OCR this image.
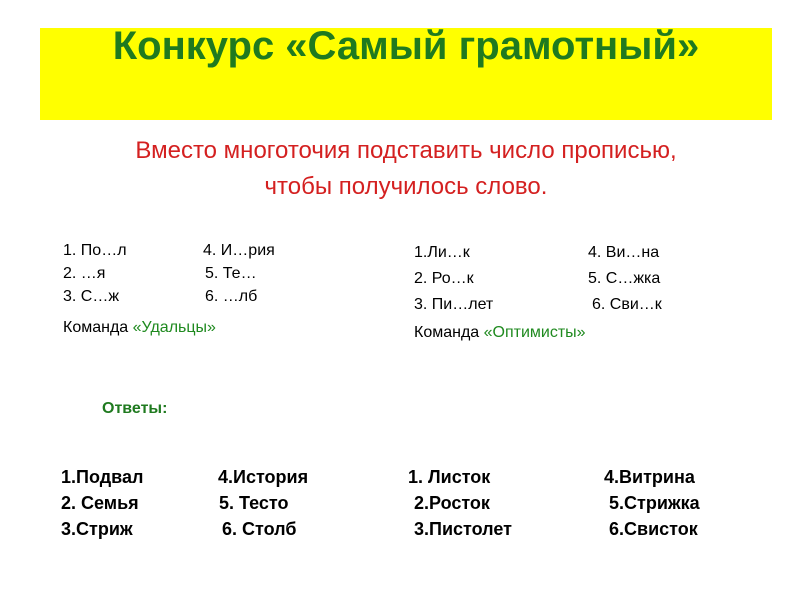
Конкурс «Самый грамотный»

Вместо многоточия подставить число прописью,
чтобы получилось слово.

1. По…л	4. И…рия
2. …я	5. Те…
3. С…ж	6. …лб
Команда «Удальцы»
1.Ли…к	4. Ви…на
2. Ро…к	5. С…жка
3. Пи…лет	6. Сви…к
Команда «Оптимисты»
Ответы:
1.Подвал	4.История
2. Семья	5. Тесто
3.Стриж	6. Столб
1. Листок	4.Витрина
2.Росток	5.Стрижка
3.Пистолет	6.Свисток
